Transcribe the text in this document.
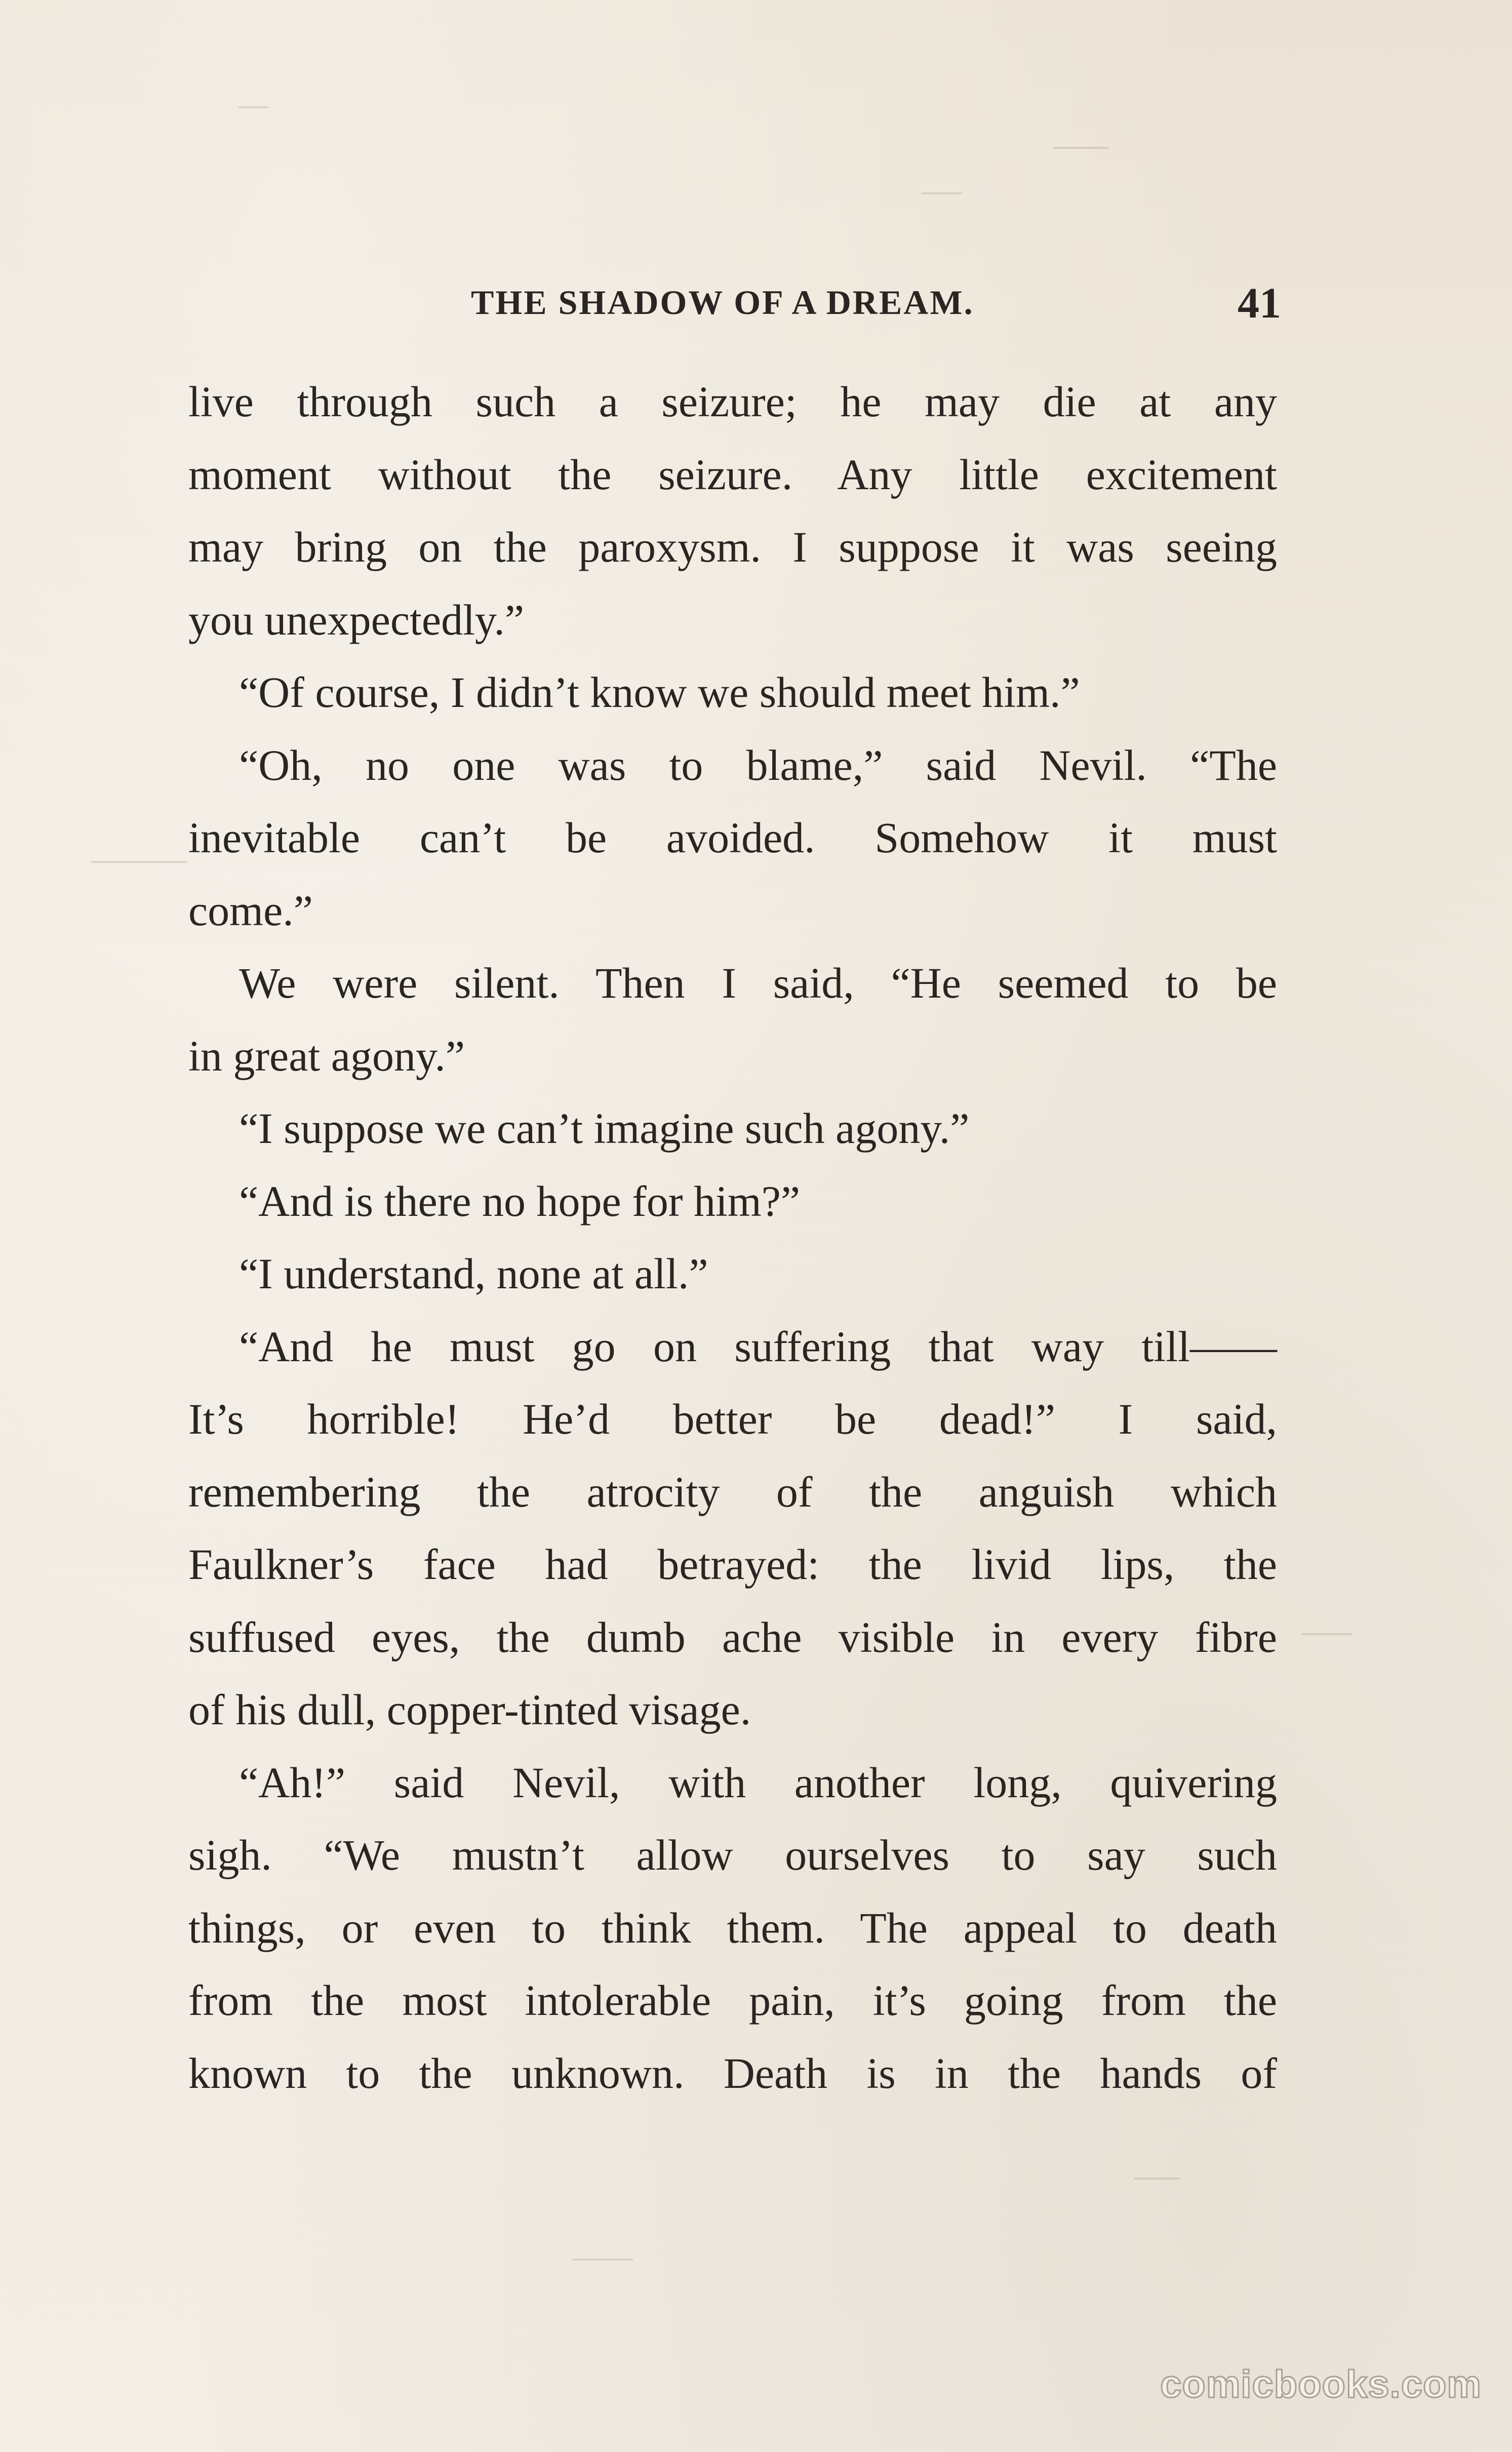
THE SHADOW OF A DREAM.	41
live through such a seizure; he may die at any
moment without the seizure. Any little excitement
may bring on the paroxysm. I suppose it was seeing
you unexpectedly.”
“Of course, I didn’t know we should meet him.”
“Oh, no one was to blame,” said Nevil. “The
inevitable can’t be avoided. Somehow it must
come.”
We were silent. Then I said, “He seemed to be
in great agony.”
“I suppose we can’t imagine such agony.”
“And is there no hope for him?”
“I understand, none at all.”
“And he must go on suffering that way till——
It’s horrible! He’d better be dead!” I said,
remembering the atrocity of the anguish which
Faulkner’s face had betrayed: the livid lips, the
suffused eyes, the dumb ache visible in every fibre
of his dull, copper-tinted visage.
“Ah!” said Nevil, with another long, quivering
sigh. “We mustn’t allow ourselves to say such
things, or even to think them. The appeal to death
from the most intolerable pain, it’s going from the
known to the unknown. Death is in the hands of
comicbooks.com
